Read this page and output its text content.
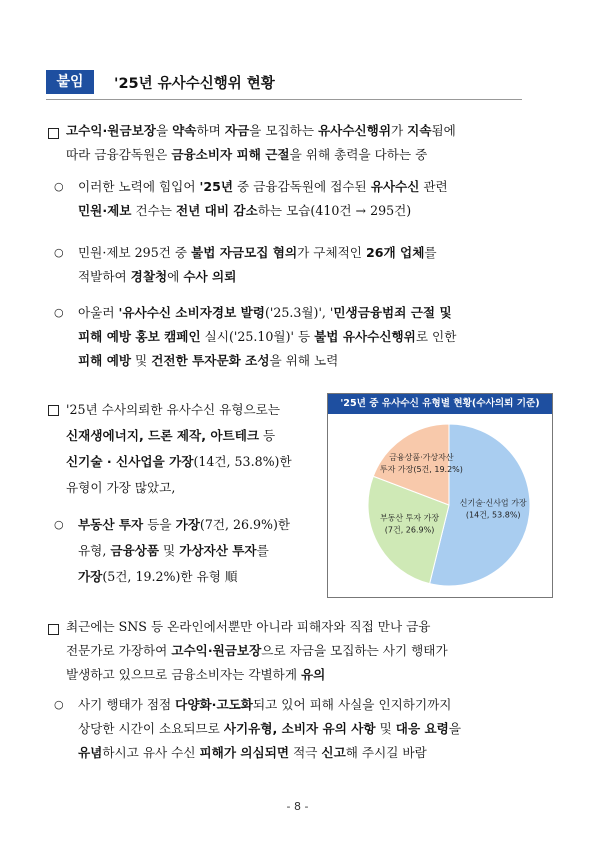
붙임	'25년 유사수신행위 현황
고수익·원금보장을 약속하며 자금을 모집하는 유사수신행위가 지속됨에
따라 금융감독원은 금융소비자 피해 근절을 위해 총력을 다하는 중
○ 이러한 노력에 힘입어 '25년 중 금융감독원에 접수된 유사수신 관련
민원·제보 건수는 전년 대비 감소하는 모습(410건 → 295건)
○ 민원·제보 295건 중 불법 자금모집 혐의가 구체적인 26개 업체를
적발하여 경찰청에 수사 의뢰
○ 아울러 '유사수신 소비자경보 발령('25.3월)', '민생금융범죄 근절 및
피해 예방 홍보 캠페인 실시('25.10월)' 등 불법 유사수신행위로 인한
피해 예방 및 건전한 투자문화 조성을 위해 노력
'25년 수사의뢰한 유사수신 유형으로는
신재생에너지, 드론 제작, 아트테크 등
신기술 · 신사업을 가장(14건, 53.8%)한
유형이 가장 많았고,
○ 부동산 투자 등을 가장(7건, 26.9%)한
유형, 금융상품 및 가상자산 투자를
가장(5건, 19.2%)한 유형 順
'25년 중 유사수신 유형별 현황(수사의뢰 기준)
신기술·신사업 가장
(14건, 53.8%)
부동산 투자 가장
(7건, 26.9%)
금융상품·가상자산
투자 가장(5건, 19.2%)
최근에는 SNS 등 온라인에서뿐만 아니라 피해자와 직접 만나 금융
전문가로 가장하여 고수익·원금보장으로 자금을 모집하는 사기 행태가
발생하고 있으므로 금융소비자는 각별하게 유의
○ 사기 행태가 점점 다양화·고도화되고 있어 피해 사실을 인지하기까지
상당한 시간이 소요되므로 사기유형, 소비자 유의 사항 및 대응 요령을
유념하시고 유사 수신 피해가 의심되면 적극 신고해 주시길 바람
- 8 -
